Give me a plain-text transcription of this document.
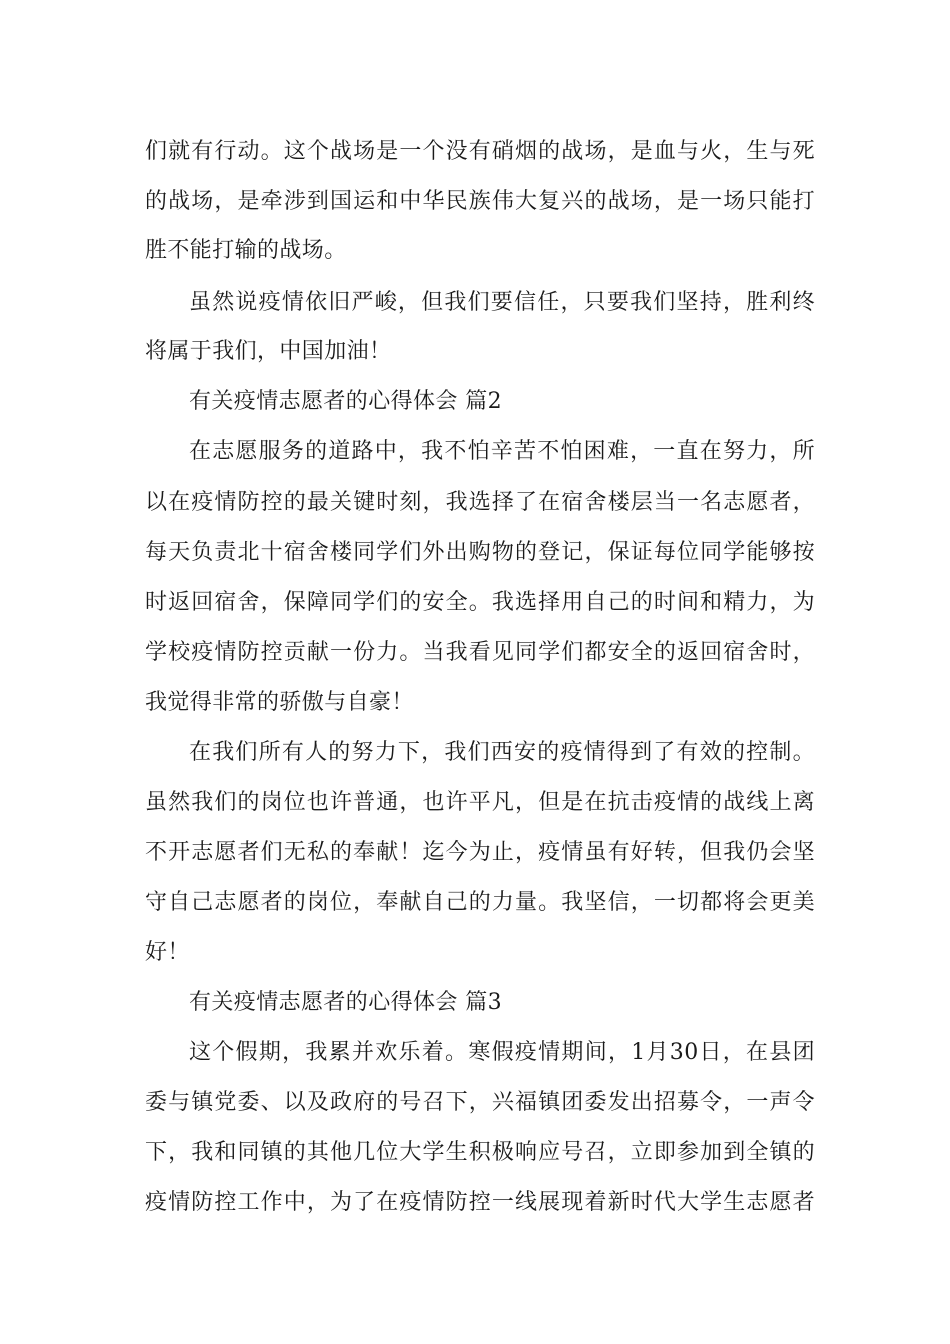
们就有行动。这个战场是一个没有硝烟的战场，是血与火，生与死
的战场，是牵涉到国运和中华民族伟大复兴的战场，是一场只能打
胜不能打输的战场。
虽然说疫情依旧严峻，但我们要信任，只要我们坚持，胜利终
将属于我们，中国加油！
有关疫情志愿者的心得体会 篇2
在志愿服务的道路中，我不怕辛苦不怕困难，一直在努力，所
以在疫情防控的最关键时刻，我选择了在宿舍楼层当一名志愿者，
每天负责北十宿舍楼同学们外出购物的登记，保证每位同学能够按
时返回宿舍，保障同学们的安全。我选择用自己的时间和精力，为
学校疫情防控贡献一份力。当我看见同学们都安全的返回宿舍时，
我觉得非常的骄傲与自豪！
在我们所有人的努力下，我们西安的疫情得到了有效的控制。
虽然我们的岗位也许普通，也许平凡，但是在抗击疫情的战线上离
不开志愿者们无私的奉献！迄今为止，疫情虽有好转，但我仍会坚
守自己志愿者的岗位，奉献自己的力量。我坚信，一切都将会更美
好！
有关疫情志愿者的心得体会 篇3
这个假期，我累并欢乐着。寒假疫情期间，1月30日，在县团
委与镇党委、以及政府的号召下，兴福镇团委发出招募令，一声令
下，我和同镇的其他几位大学生积极响应号召，立即参加到全镇的
疫情防控工作中，为了在疫情防控一线展现着新时代大学生志愿者
